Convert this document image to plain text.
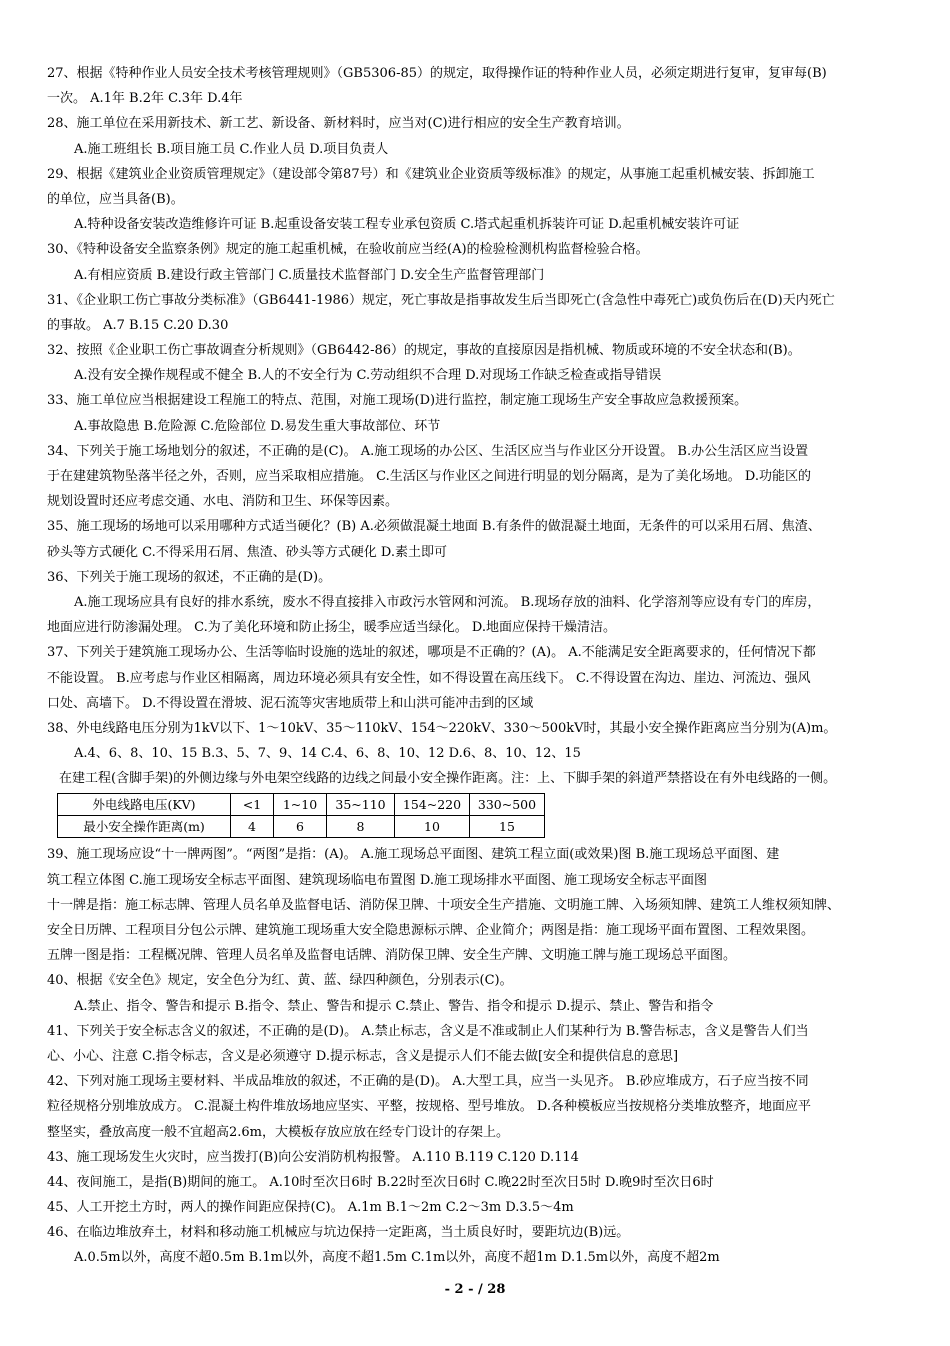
27、根据《特种作业人员安全技术考核管理规则》（GB5306-85）的规定，取得操作证的特种作业人员，必须定期进行复审，复审每(B)
一次。 A.1年 B.2年 C.3年 D.4年
28、施工单位在采用新技术、新工艺、新设备、新材料时，应当对(C)进行相应的安全生产教育培训。
A.施工班组长 B.项目施工员 C.作业人员 D.项目负责人
29、根据《建筑业企业资质管理规定》（建设部令第87号）和《建筑业企业资质等级标准》的规定，从事施工起重机械安装、拆卸施工
的单位，应当具备(B)。
A.特种设备安装改造维修许可证 B.起重设备安装工程专业承包资质 C.塔式起重机拆装许可证 D.起重机械安装许可证
30、《特种设备安全监察条例》规定的施工起重机械，在验收前应当经(A)的检验检测机构监督检验合格。
A.有相应资质 B.建设行政主管部门 C.质量技术监督部门 D.安全生产监督管理部门
31、《企业职工伤亡事故分类标准》（GB6441-1986）规定，死亡事故是指事故发生后当即死亡(含急性中毒死亡)或负伤后在(D)天内死亡
的事故。 A.7 B.15 C.20 D.30
32、按照《企业职工伤亡事故调查分析规则》（GB6442-86）的规定，事故的直接原因是指机械、物质或环境的不安全状态和(B)。
A.没有安全操作规程或不健全 B.人的不安全行为 C.劳动组织不合理 D.对现场工作缺乏检查或指导错误
33、施工单位应当根据建设工程施工的特点、范围，对施工现场(D)进行监控，制定施工现场生产安全事故应急救援预案。
A.事故隐患 B.危险源 C.危险部位 D.易发生重大事故部位、环节
34、下列关于施工场地划分的叙述，不正确的是(C)。 A.施工现场的办公区、生活区应当与作业区分开设置。 B.办公生活区应当设置
于在建建筑物坠落半径之外，否则，应当采取相应措施。 C.生活区与作业区之间进行明显的划分隔离，是为了美化场地。 D.功能区的
规划设置时还应考虑交通、水电、消防和卫生、环保等因素。
35、施工现场的场地可以采用哪种方式适当硬化？(B) A.必须做混凝土地面 B.有条件的做混凝土地面，无条件的可以采用石屑、焦渣、
砂头等方式硬化 C.不得采用石屑、焦渣、砂头等方式硬化 D.素土即可
36、下列关于施工现场的叙述，不正确的是(D)。
A.施工现场应具有良好的排水系统，废水不得直接排入市政污水管网和河流。 B.现场存放的油料、化学溶剂等应设有专门的库房，
地面应进行防渗漏处理。 C.为了美化环境和防止扬尘，暖季应适当绿化。 D.地面应保持干燥清洁。
37、下列关于建筑施工现场办公、生活等临时设施的选址的叙述，哪项是不正确的？(A)。 A.不能满足安全距离要求的，任何情况下都
不能设置。 B.应考虑与作业区相隔离，周边环境必须具有安全性，如不得设置在高压线下。 C.不得设置在沟边、崖边、河流边、强风
口处、高墙下。 D.不得设置在滑坡、泥石流等灾害地质带上和山洪可能冲击到的区域
38、外电线路电压分别为1kV以下、1～10kV、35～110kV、154～220kV、330～500kV时，其最小安全操作距离应当分别为(A)m。
A.4、6、8、10、15 B.3、5、7、9、14 C.4、6、8、10、12 D.6、8、10、12、15
在建工程(含脚手架)的外侧边缘与外电架空线路的边线之间最小安全操作距离。注：上、下脚手架的斜道严禁搭设在有外电线路的一侧。
外电线路电压(KV)	<1	1~10	35~110	154~220	330~500
最小安全操作距离(m)	4	6	8	10	15
39、施工现场应设“十一牌两图”。“两图”是指：(A)。 A.施工现场总平面图、建筑工程立面(或效果)图 B.施工现场总平面图、建
筑工程立体图 C.施工现场安全标志平面图、建筑现场临电布置图 D.施工现场排水平面图、施工现场安全标志平面图
十一牌是指：施工标志牌、管理人员名单及监督电话、消防保卫牌、十项安全生产措施、文明施工牌、入场须知牌、建筑工人维权须知牌、
安全日历牌、工程项目分包公示牌、建筑施工现场重大安全隐患源标示牌、企业简介；两图是指：施工现场平面布置图、工程效果图。
五牌一图是指：工程概况牌、管理人员名单及监督电话牌、消防保卫牌、安全生产牌、文明施工牌与施工现场总平面图。
40、根据《安全色》规定，安全色分为红、黄、蓝、绿四种颜色，分别表示(C)。
A.禁止、指令、警告和提示 B.指令、禁止、警告和提示 C.禁止、警告、指令和提示 D.提示、禁止、警告和指令
41、下列关于安全标志含义的叙述，不正确的是(D)。 A.禁止标志，含义是不准或制止人们某种行为 B.警告标志，含义是警告人们当
心、小心、注意 C.指令标志，含义是必须遵守 D.提示标志，含义是提示人们不能去做[安全和提供信息的意思]
42、下列对施工现场主要材料、半成品堆放的叙述，不正确的是(D)。 A.大型工具，应当一头见齐。 B.砂应堆成方，石子应当按不同
粒径规格分别堆放成方。 C.混凝土构件堆放场地应坚实、平整，按规格、型号堆放。 D.各种模板应当按规格分类堆放整齐，地面应平
整坚实，叠放高度一般不宜超高2.6m，大模板存放应放在经专门设计的存架上。
43、施工现场发生火灾时，应当拨打(B)向公安消防机构报警。 A.110 B.119 C.120 D.114
44、夜间施工，是指(B)期间的施工。 A.10时至次日6时 B.22时至次日6时 C.晚22时至次日5时 D.晚9时至次日6时
45、人工开挖土方时，两人的操作间距应保持(C)。 A.1m B.1～2m C.2～3m D.3.5～4m
46、在临边堆放弃土，材料和移动施工机械应与坑边保持一定距离，当土质良好时，要距坑边(B)远。
A.0.5m以外，高度不超0.5m B.1m以外，高度不超1.5m C.1m以外，高度不超1m D.1.5m以外，高度不超2m
- 2 - / 28
